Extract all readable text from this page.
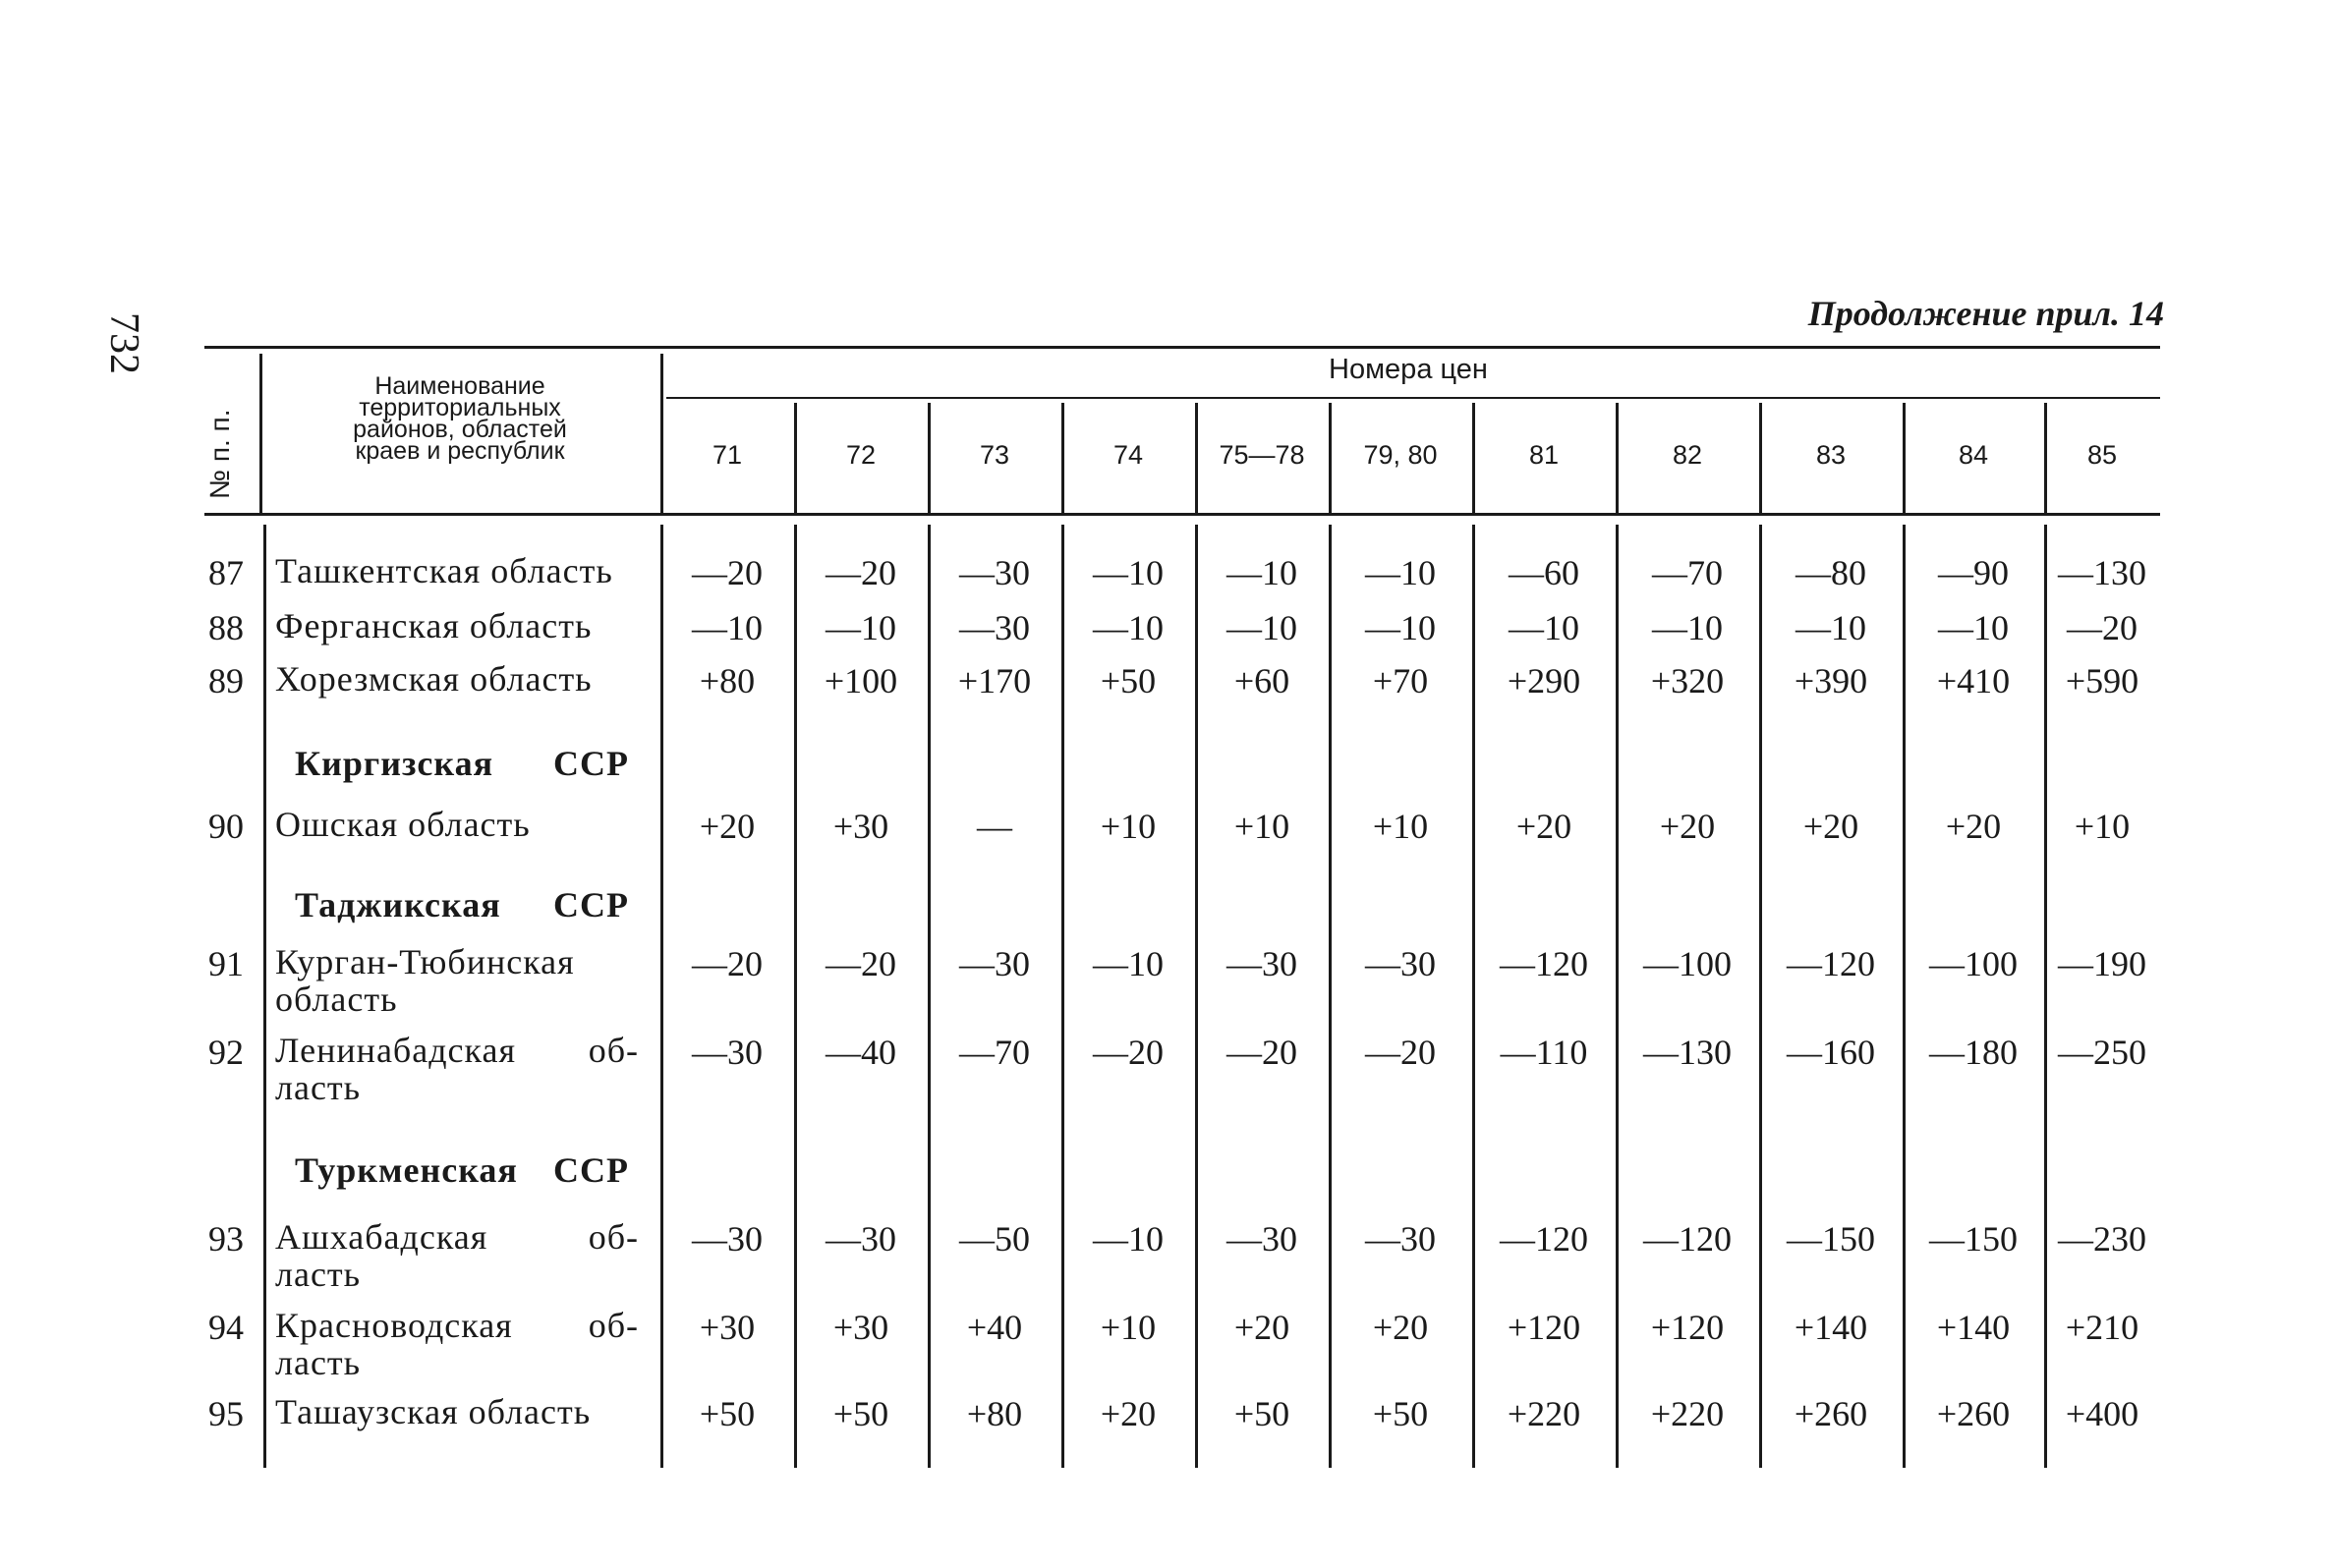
732	Продолжение прил. 14
№ п. п.
Наименование
территориальных
районов, областей
краев и республик
Номера цен
71	72	73	74	75—78	79, 80	81	82	83	84	85
87 Ташкентская область	—20	—20	—30	—10	—10	—10	—60	—70	—80	—90	—130
88 Ферганская область	—10	—10	—30	—10	—10	—10	—10	—10	—10	—10	—20
89 Хорезмская область	+80	+100	+170	+50	+60	+70	+290	+320	+390	+410	+590
Киргизская ССР
90 Ошская область	+20	+30	—	+10	+10	+10	+20	+20	+20	+20	+10
Таджикская ССР
91 Курган-Тюбинская
область
—20	—20	—30	—10	—30	—30	—120	—100	—120	—100	—190
92 Ленинабадская об-
ласть
—30	—40	—70	—20	—20	—20	—110	—130	—160	—180	—250
Туркменская ССР
93 Ашхабадская	об-
ласть
—30	—30	—50	—10	—30	—30	—120	—120	—150	—150	—230
94 Красноводская об-
ласть
+30	+30	+40	+10	+20	+20	+120	+120	+140	+140	+210
95 Ташаузская область	+50	+50	+80	+20	+50	+50	+220	+220	+260	+260	+400
